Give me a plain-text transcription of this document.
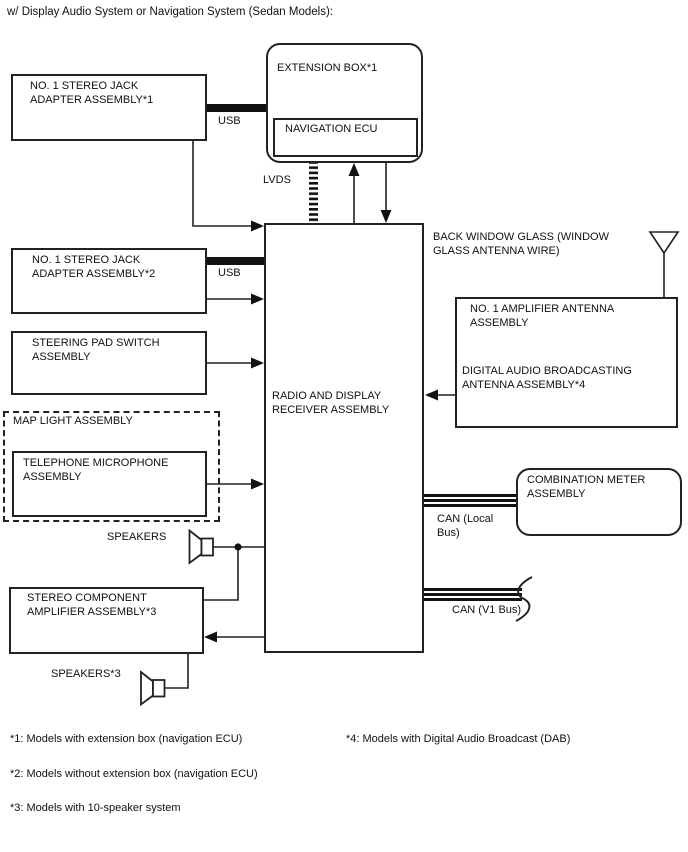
w/ Display Audio System or Navigation System (Sedan Models):
NO. 1 STEREO JACK ADAPTER ASSEMBLY*1
EXTENSION BOX*1
NAVIGATION ECU
NO. 1 STEREO JACK ADAPTER ASSEMBLY*2
STEERING PAD SWITCH ASSEMBLY
MAP LIGHT ASSEMBLY
TELEPHONE MICROPHONE ASSEMBLY
RADIO AND DISPLAY RECEIVER ASSEMBLY
NO. 1 AMPLIFIER ANTENNA ASSEMBLY
DIGITAL AUDIO BROADCASTING ANTENNA ASSEMBLY*4
COMBINATION METER ASSEMBLY
STEREO COMPONENT AMPLIFIER ASSEMBLY*3
USB
LVDS
USB
BACK WINDOW GLASS (WINDOW GLASS ANTENNA WIRE)
CAN (Local Bus)
CAN (V1 Bus)
SPEAKERS
SPEAKERS*3
*1: Models with extension box (navigation ECU)	*4: Models with Digital Audio Broadcast (DAB)
*2: Models without extension box (navigation ECU)
*3: Models with 10-speaker system
